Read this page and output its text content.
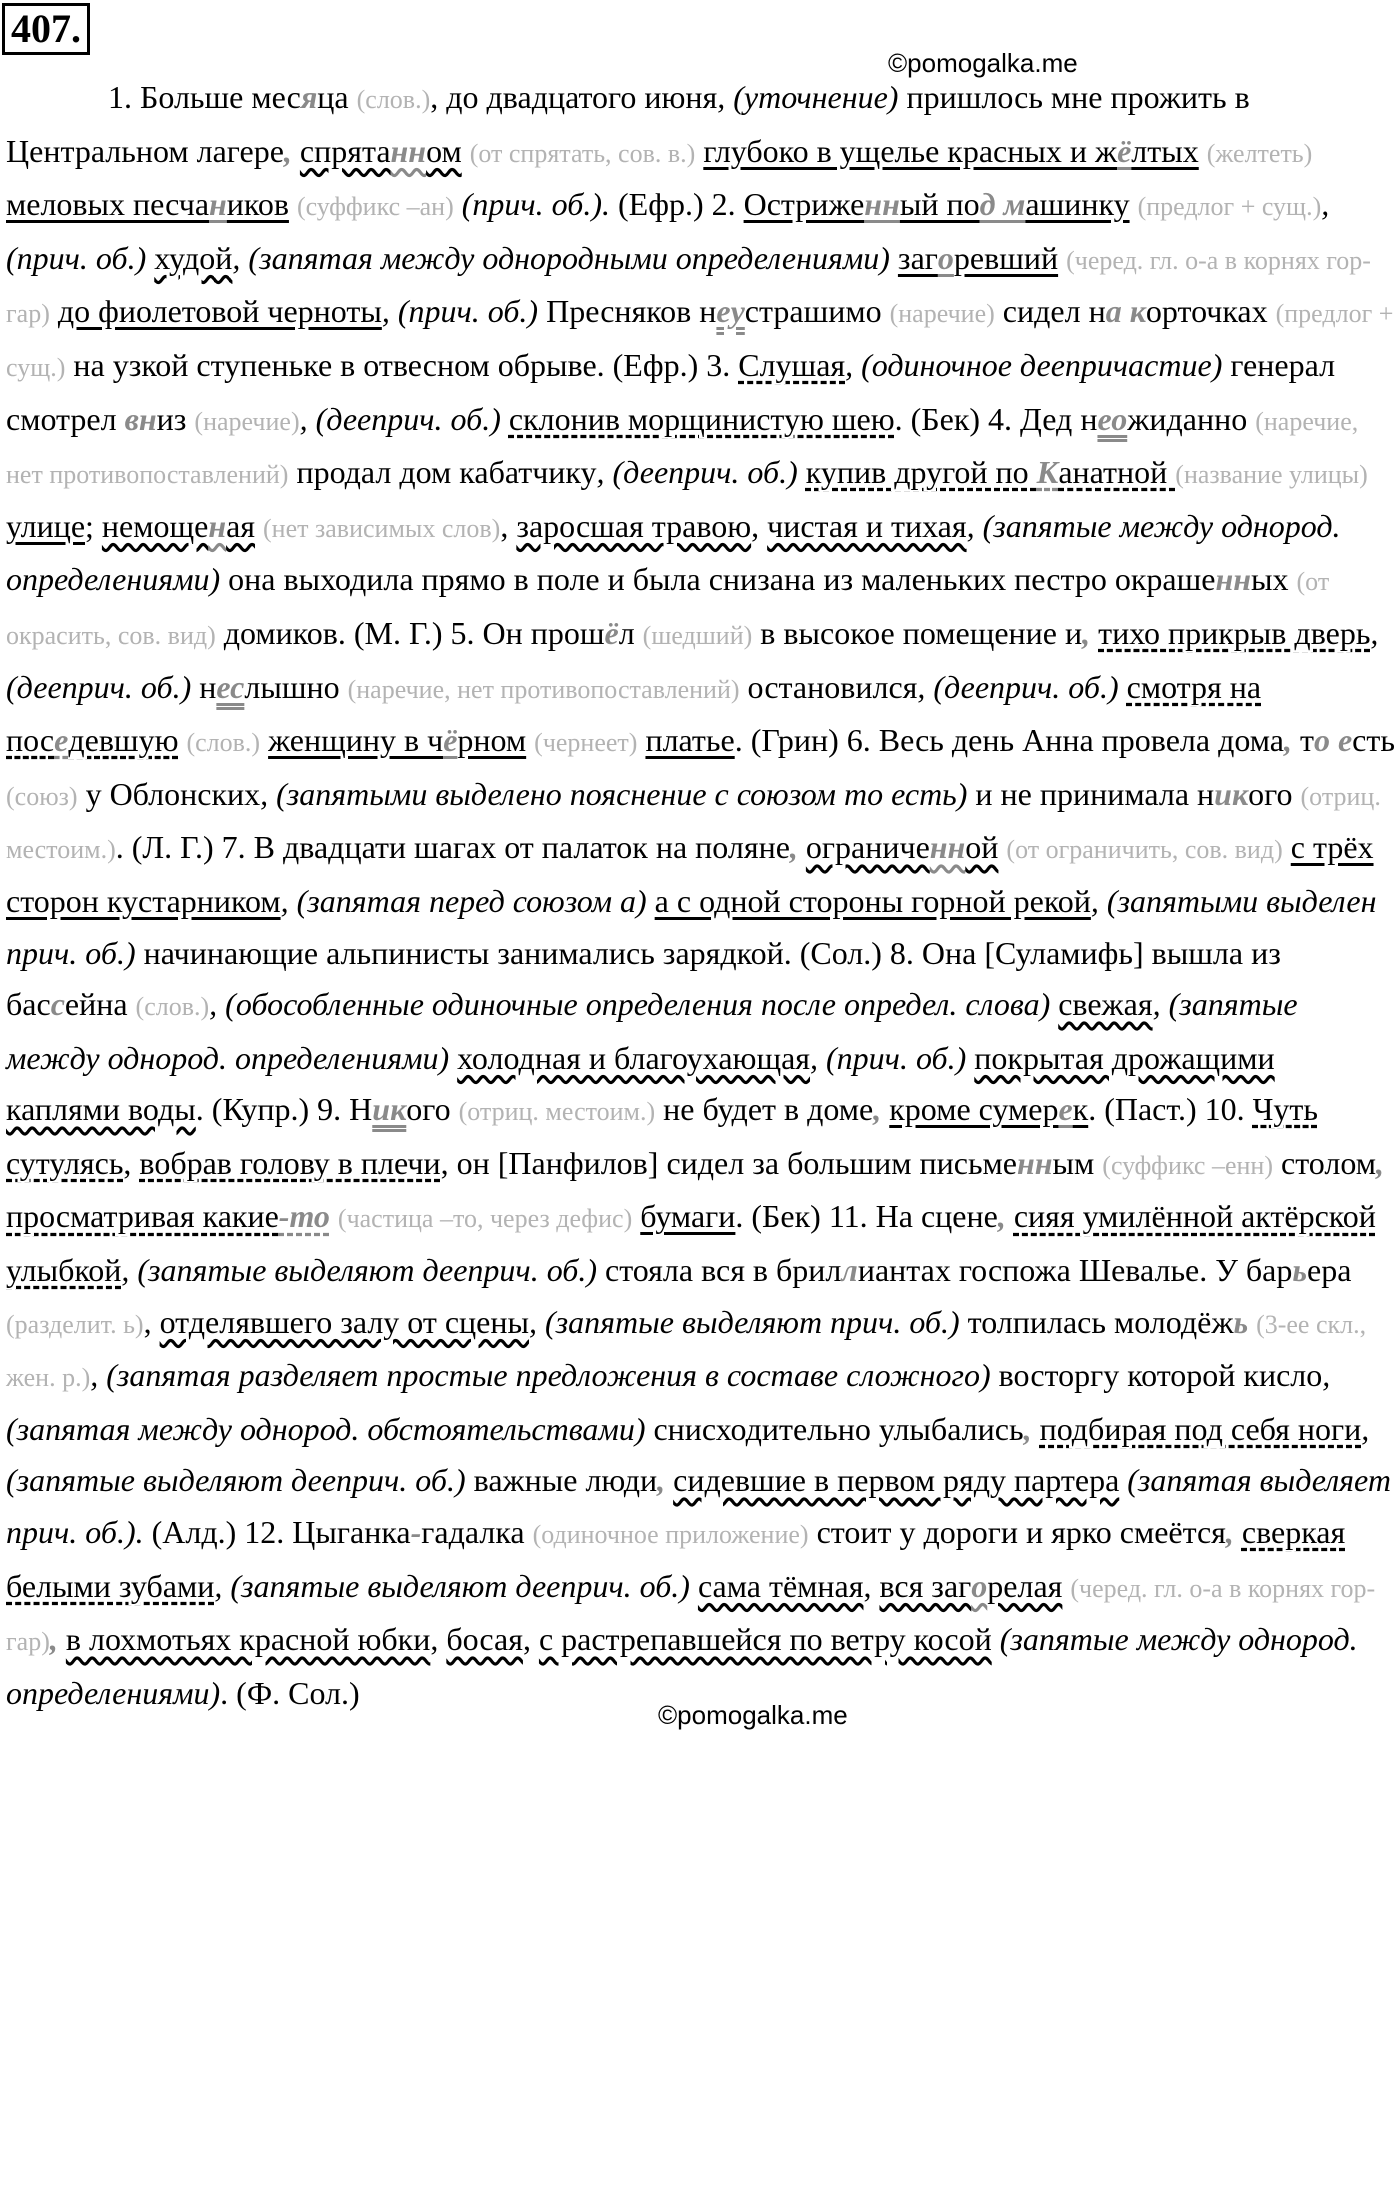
407.
©pomogalka.me
©pomogalka.me
1. Больше месяца (слов.), до двадцатого июня, (уточнение) пришлось мне прожить в Центральном лагере, спрятанном (от спрятать, сов. в.) глубоко в ущелье красных и жёлтых (желтеть) меловых песчаников (суффикс –ан) (прич. об.). (Ефр.) 2. Остриженный под машинку (предлог + сущ.), (прич. об.) худой, (запятая между однородными определениями) загоревший (черед. гл. о-а в корнях гор-гар) до фиолетовой черноты, (прич. об.) Пресняков неустрашимо (наречие) сидел на корточках (предлог + сущ.) на узкой ступеньке в отвесном обрыве. (Ефр.) 3. Слушая, (одиночное деепричастие) генерал смотрел вниз (наречие), (дееприч. об.) склонив морщинистую шею. (Бек) 4. Дед неожиданно (наречие, нет противопоставлений) продал дом кабатчику, (дееприч. об.) купив другой по Канатной (название улицы) улице; немощеная (нет зависимых слов), заросшая травою, чистая и тихая, (запятые между однород. определениями) она выходила прямо в поле и была снизана из маленьких пестро окрашенных (от окрасить, сов. вид) домиков. (М. Г.) 5. Он прошёл (шедший) в высокое помещение и, тихо прикрыв дверь, (дееприч. об.) неслышно (наречие, нет противопоставлений) остановился, (дееприч. об.) смотря на поседевшую (слов.) женщину в чёрном (чернеет) платье. (Грин) 6. Весь день Анна провела дома, то есть (союз) у Облонских, (запятыми выделено пояснение с союзом то есть) и не принимала никого (отриц. местоим.). (Л. Г.) 7. В двадцати шагах от палаток на поляне, ограниченной (от ограничить, сов. вид) с трёх сторон кустарником, (запятая перед союзом а) а с одной стороны горной рекой, (запятыми выделен прич. об.) начинающие альпинисты занимались зарядкой. (Сол.) 8. Она [Суламифь] вышла из бассейна (слов.), (обособленные одиночные определения после определ. слова) свежая, (запятые между однород. определениями) холодная и благоухающая, (прич. об.) покрытая дрожащими каплями воды. (Купр.) 9. Никого (отриц. местоим.) не будет в доме, кроме сумерек. (Паст.) 10. Чуть сутулясь, вобрав голову в плечи, он [Панфилов] сидел за большим письменным (суффикс –енн) столом, просматривая какие-то (частица –то, через дефис) бумаги. (Бек) 11. На сцене, сияя умилённой актёрской улыбкой, (запятые выделяют дееприч. об.) стояла вся в бриллиантах госпожа Шевалье. У барьера (разделит. ь), отделявшего залу от сцены, (запятые выделяют прич. об.) толпилась молодёжь (3-ее скл., жен. р.), (запятая разделяет простые предложения в составе сложного) восторгу которой кисло, (запятая между однород. обстоятельствами) снисходительно улыбались, подбирая под себя ноги, (запятые выделяют дееприч. об.) важные люди, сидевшие в первом ряду партера (запятая выделяет прич. об.). (Алд.) 12. Цыганка-гадалка (одиночное приложение) стоит у дороги и ярко смеётся, сверкая белыми зубами, (запятые выделяют дееприч. об.) сама тёмная, вся загорелая (черед. гл. о-а в корнях гор-гар), в лохмотьях красной юбки, босая, с растрепавшейся по ветру косой (запятые между однород. определениями). (Ф. Сол.)
